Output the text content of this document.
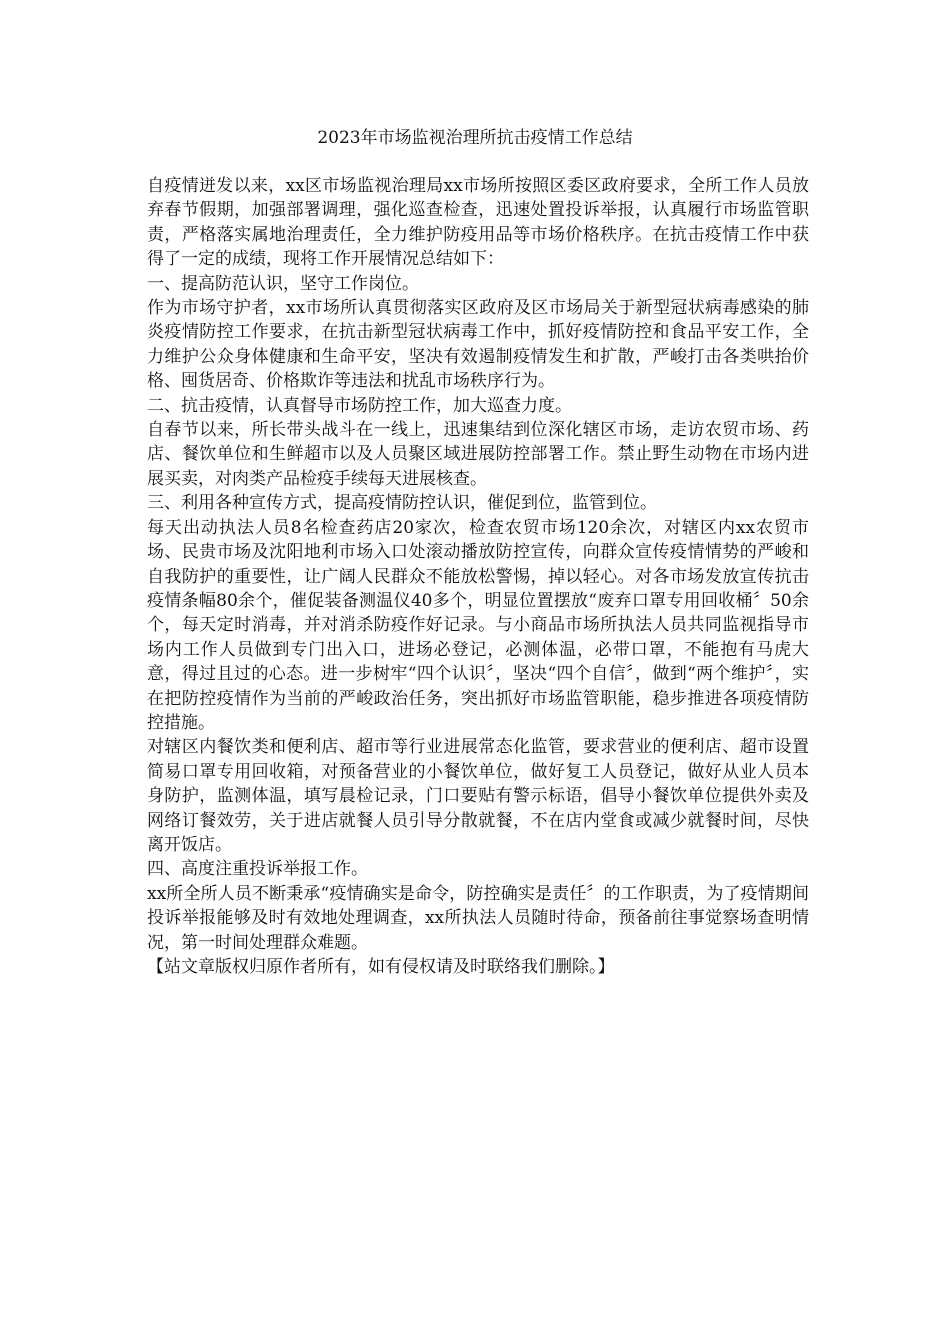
2023年市场监视治理所抗击疫情工作总结

自疫情迸发以来，xx区市场监视治理局xx市场所按照区委区政府要求，全所工作人员放弃春节假期，加强部署调理，强化巡查检查，迅速处置投诉举报，认真履行市场监管职责，严格落实属地治理责任，全力维护防疫用品等市场价格秩序。在抗击疫情工作中获得了一定的成绩，现将工作开展情况总结如下：

一、提高防范认识，坚守工作岗位。

作为市场守护者，xx市场所认真贯彻落实区政府及区市场局关于新型冠状病毒感染的肺炎疫情防控工作要求，在抗击新型冠状病毒工作中，抓好疫情防控和食品平安工作，全力维护公众身体健康和生命平安，坚决有效遏制疫情发生和扩散，严峻打击各类哄抬价格、囤货居奇、价格欺诈等违法和扰乱市场秩序行为。

二、抗击疫情，认真督导市场防控工作，加大巡查力度。

自春节以来，所长带头战斗在一线上，迅速集结到位深化辖区市场，走访农贸市场、药店、餐饮单位和生鲜超市以及人员聚区域进展防控部署工作。禁止野生动物在市场内进展买卖，对肉类产品检疫手续每天进展核查。

三、利用各种宣传方式，提高疫情防控认识，催促到位，监管到位。

每天出动执法人员8名检查药店20家次，检查农贸市场120余次，对辖区内xx农贸市场、民贵市场及沈阳地利市场入口处滚动播放防控宣传，向群众宣传疫情情势的严峻和自我防护的重要性，让广阔人民群众不能放松警惕，掉以轻心。对各市场发放宣传抗击疫情条幅80余个，催促装备测温仪40多个，明显位置摆放“废弃口罩专用回收桶〞50余个，每天定时消毒，并对消杀防疫作好记录。与小商品市场所执法人员共同监视指导市场内工作人员做到专门出入口，进场必登记，必测体温，必带口罩，不能抱有马虎大意，得过且过的心态。进一步树牢“四个认识〞，坚决“四个自信〞，做到“两个维护〞，实在把防控疫情作为当前的严峻政治任务，突出抓好市场监管职能，稳步推进各项疫情防控措施。

对辖区内餐饮类和便利店、超市等行业进展常态化监管，要求营业的便利店、超市设置简易口罩专用回收箱，对预备营业的小餐饮单位，做好复工人员登记，做好从业人员本身防护，监测体温，填写晨检记录，门口要贴有警示标语，倡导小餐饮单位提供外卖及网络订餐效劳，关于进店就餐人员引导分散就餐，不在店内堂食或减少就餐时间，尽快离开饭店。

四、高度注重投诉举报工作。

xx所全所人员不断秉承“疫情确实是命令，防控确实是责任〞的工作职责，为了疫情期间投诉举报能够及时有效地处理调查，xx所执法人员随时待命，预备前往事觉察场查明情况，第一时间处理群众难题。

【站文章版权归原作者所有，如有侵权请及时联络我们删除。】
